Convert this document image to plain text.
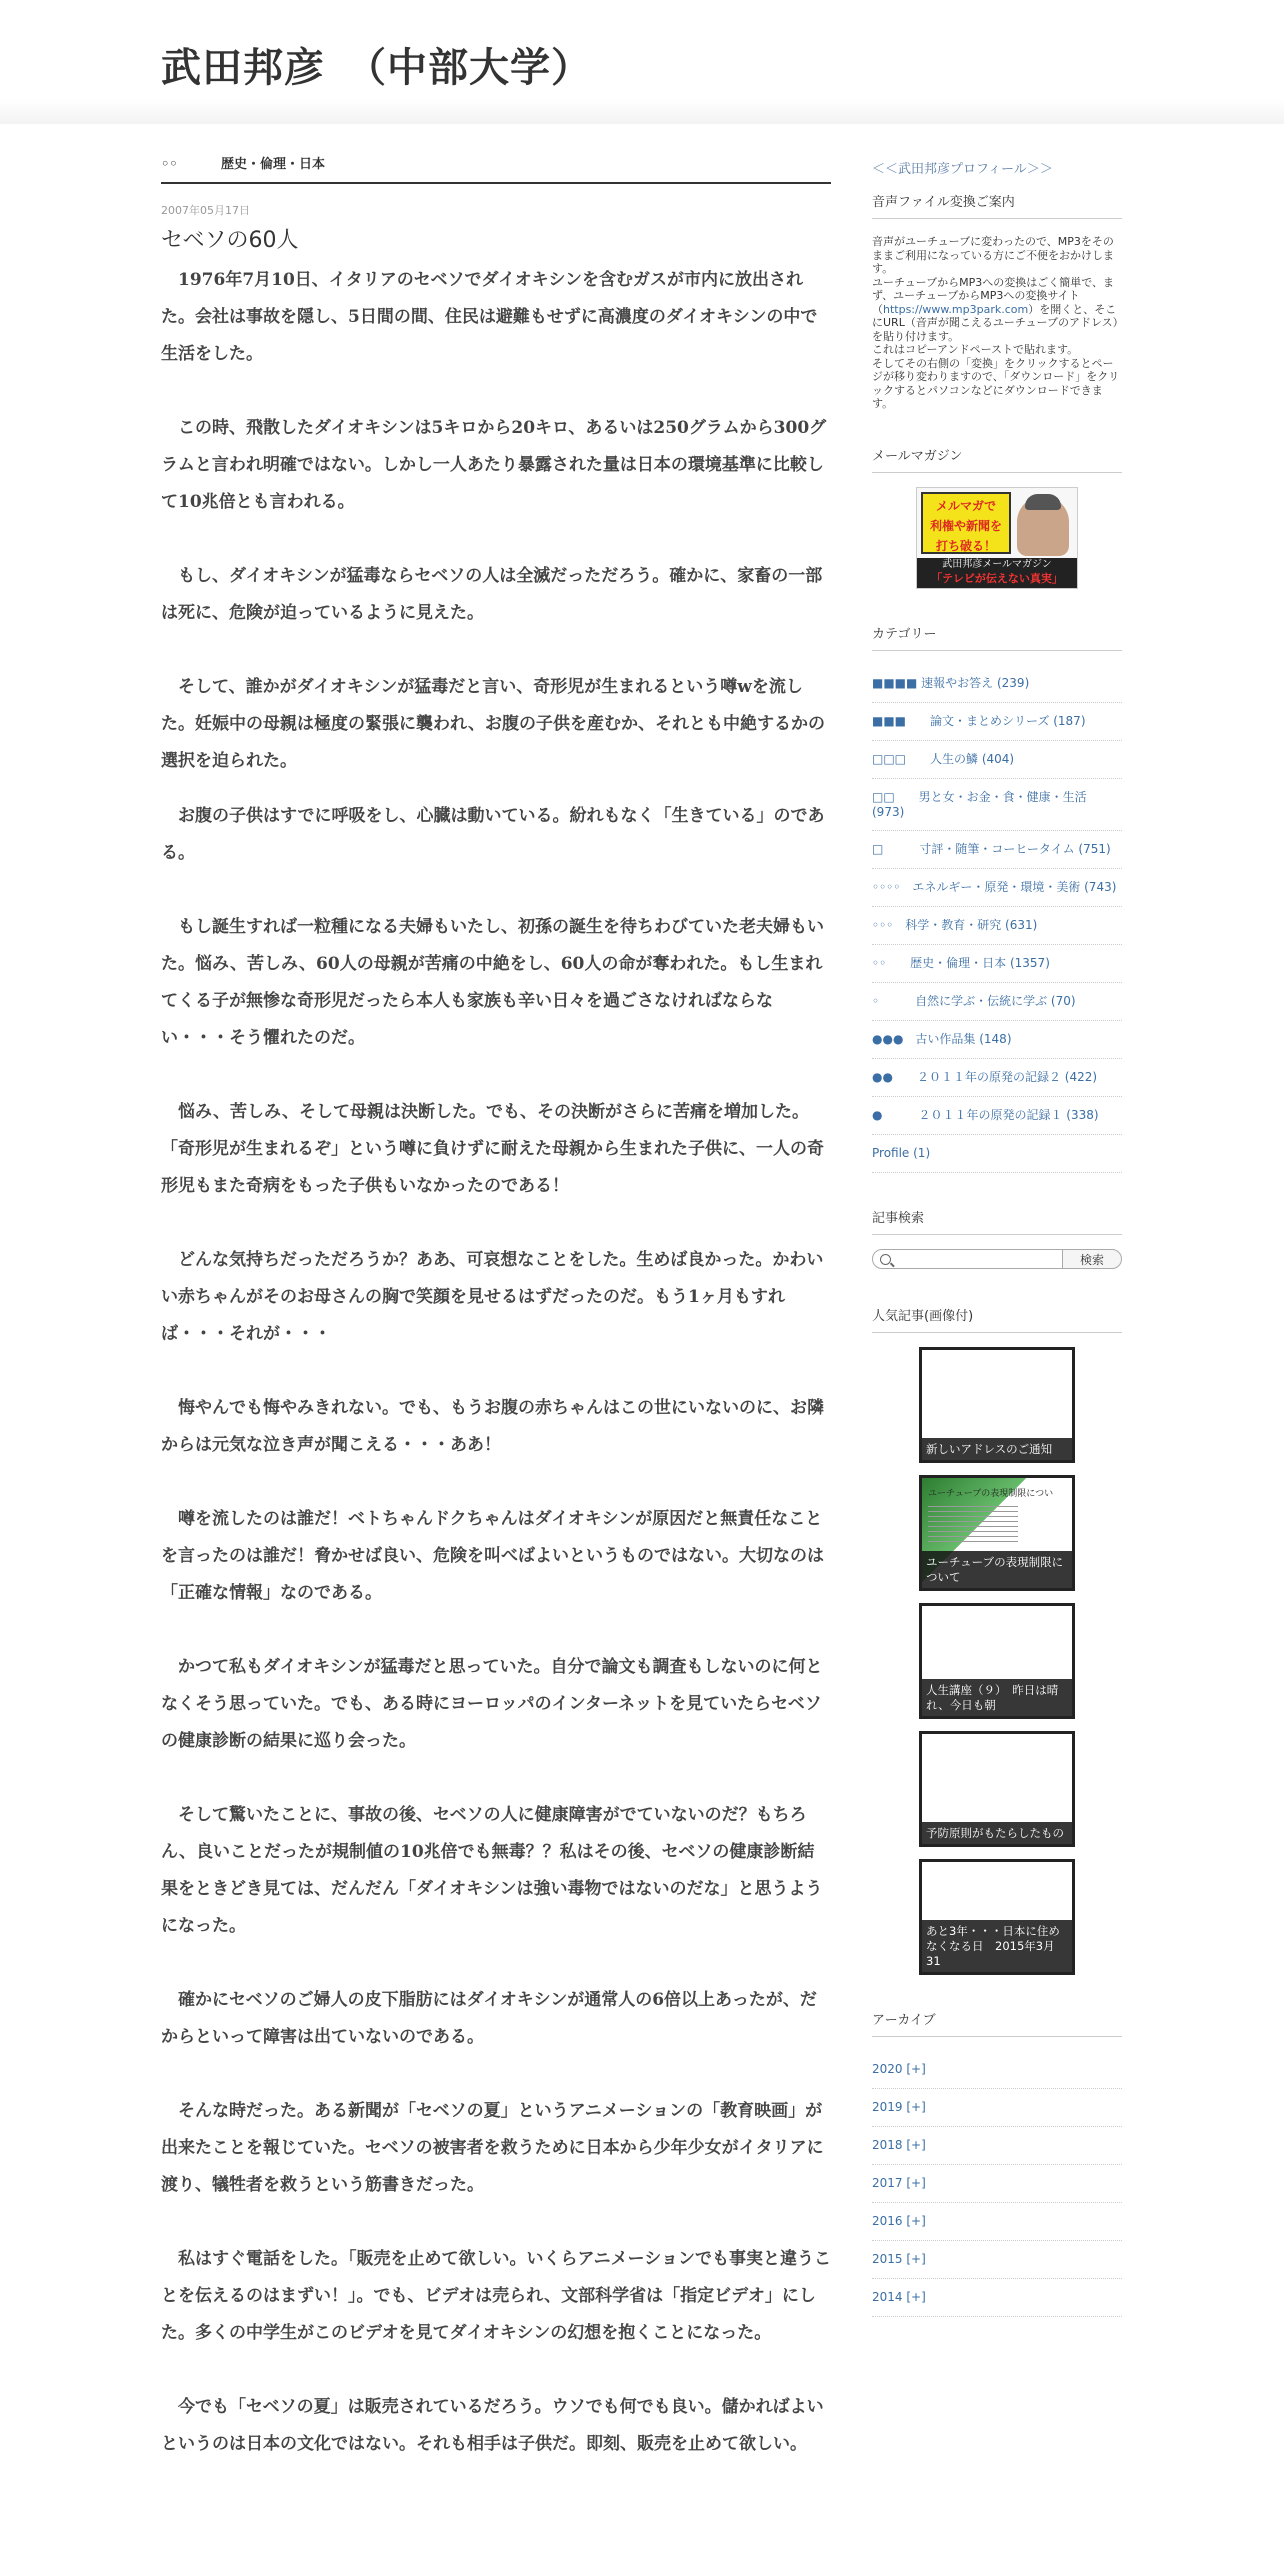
武田邦彦　（中部大学）
◦◦	歴史・倫理・日本
2007年05月17日
セベソの60人

　1976年7月10日、イタリアのセベソでダイオキシンを含むガスが市内に放出された。会社は事故を隠し、5日間の間、住民は避難もせずに高濃度のダイオキシンの中で生活をした。

　この時、飛散したダイオキシンは5キロから20キロ、あるいは250グラムから300グラムと言われ明確ではない。しかし一人あたり暴露された量は日本の環境基準に比較して10兆倍とも言われる。

　もし、ダイオキシンが猛毒ならセベソの人は全滅だっただろう。確かに、家畜の一部は死に、危険が迫っているように見えた。

　そして、誰かがダイオキシンが猛毒だと言い、奇形児が生まれるという噂wを流した。妊娠中の母親は極度の緊張に襲われ、お腹の子供を産むか、それとも中絶するかの選択を迫られた。

　お腹の子供はすでに呼吸をし、心臓は動いている。紛れもなく「生きている」のである。

　もし誕生すれば一粒種になる夫婦もいたし、初孫の誕生を待ちわびていた老夫婦もいた。悩み、苦しみ、60人の母親が苦痛の中絶をし、60人の命が奪われた。もし生まれてくる子が無惨な奇形児だったら本人も家族も辛い日々を過ごさなければならない・・・そう懼れたのだ。

　悩み、苦しみ、そして母親は決断した。でも、その決断がさらに苦痛を増加した。「奇形児が生まれるぞ」という噂に負けずに耐えた母親から生まれた子供に、一人の奇形児もまた奇病をもった子供もいなかったのである！

　どんな気持ちだっただろうか？ああ、可哀想なことをした。生めば良かった。かわいい赤ちゃんがそのお母さんの胸で笑顔を見せるはずだったのだ。もう1ヶ月もすれば・・・それが・・・

　悔やんでも悔やみきれない。でも、もうお腹の赤ちゃんはこの世にいないのに、お隣からは元気な泣き声が聞こえる・・・ああ！

　噂を流したのは誰だ！ベトちゃんドクちゃんはダイオキシンが原因だと無責任なことを言ったのは誰だ！脅かせば良い、危険を叫べばよいというものではない。大切なのは「正確な情報」なのである。

　かつて私もダイオキシンが猛毒だと思っていた。自分で論文も調査もしないのに何となくそう思っていた。でも、ある時にヨーロッパのインターネットを見ていたらセベソの健康診断の結果に巡り会った。

　そして驚いたことに、事故の後、セベソの人に健康障害がでていないのだ？もちろん、良いことだったが規制値の10兆倍でも無毒？？私はその後、セベソの健康診断結果をときどき見ては、だんだん「ダイオキシンは強い毒物ではないのだな」と思うようになった。

　確かにセベソのご婦人の皮下脂肪にはダイオキシンが通常人の6倍以上あったが、だからといって障害は出ていないのである。

　そんな時だった。ある新聞が「セベソの夏」というアニメーションの「教育映画」が出来たことを報じていた。セベソの被害者を救うために日本から少年少女がイタリアに渡り、犠牲者を救うという筋書きだった。

　私はすぐ電話をした。「販売を止めて欲しい。いくらアニメーションでも事実と違うことを伝えるのはまずい！」。でも、ビデオは売られ、文部科学省は「指定ビデオ」にした。多くの中学生がこのビデオを見てダイオキシンの幻想を抱くことになった。

　今でも「セベソの夏」は販売されているだろう。ウソでも何でも良い。儲かればよいというのは日本の文化ではない。それも相手は子供だ。即刻、販売を止めて欲しい。

＜＜武田邦彦プロフィール＞＞
音声ファイル変換ご案内
音声がユーチューブに変わったので、MP3をそのままご利用になっている方にご不便をおかけします。
ユーチューブからMP3への変換はごく簡単で、まず、ユーチューブからMP3への変換サイト（https://www.mp3park.com）を開くと、そこにURL（音声が聞こえるユーチューブのアドレス）を貼り付けます。
これはコピーアンドペーストで貼れます。
そしてその右側の「変換」をクリックするとページが移り変わりますので、「ダウンロード」をクリックするとパソコンなどにダウンロードできます。
メールマガジン
メルマガで
利権や新聞を
打ち破る！
武田邦彦メールマガジン
「テレビが伝えない真実」
カテゴリー
■■■■ 速報やお答え (239)
■■■　　論文・まとめシリーズ (187)
□□□　　人生の鱗 (404)
□□　　男と女・お金・食・健康・生活 (973)
□　　　寸評・随筆・コーヒータイム (751)
◦◦◦◦　エネルギー・原発・環境・美術 (743)
◦◦◦　科学・教育・研究 (631)
◦◦　　歴史・倫理・日本 (1357)
◦　　　自然に学ぶ・伝統に学ぶ (70)
●●●　古い作品集 (148)
●●　　２０１１年の原発の記録２ (422)
●　　　２０１１年の原発の記録１ (338)
Profile (1)
記事検索
検索
人気記事(画像付)
新しいアドレスのご通知
ユーチューブの表現制限につい
ユーチューブの表現制限について
人生講座（９）　昨日は晴れ、今日も朝
予防原則がもたらしたもの
あと3年・・・日本に住めなくなる日　2015年3月31
アーカイブ
2020 [+]
2019 [+]
2018 [+]
2017 [+]
2016 [+]
2015 [+]
2014 [+]
